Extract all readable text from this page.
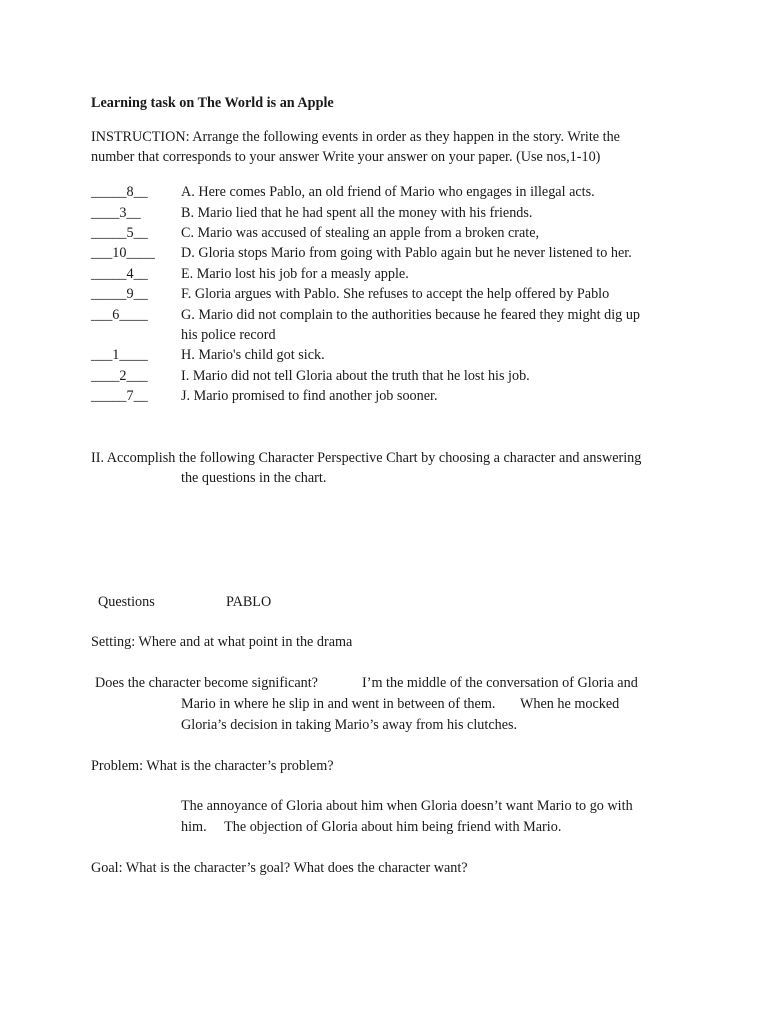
Learning task on The World is an Apple
INSTRUCTION: Arrange the following events in order as they happen in the story. Write the
number that corresponds to your answer Write your answer on your paper. (Use nos,1-10)
_____8__ A. Here comes Pablo, an old friend of Mario who engages in illegal acts.
____3__	B. Mario lied that he had spent all the money with his friends.
_____5__ C. Mario was accused of stealing an apple from a broken crate,
___10____ D. Gloria stops Mario from going with Pablo again but he never listened to her.
_____4__ E. Mario lost his job for a measly apple.
_____9__ F. Gloria argues with Pablo. She refuses to accept the help offered by Pablo
___6____ G. Mario did not complain to the authorities because he feared they might dig up
his police record
___1____ H. Mario's child got sick.
____2___ I. Mario did not tell Gloria about the truth that he lost his job.
_____7__ J. Mario promised to find another job sooner.
II. Accomplish the following Character Perspective Chart by choosing a character and answering
the questions in the chart.
Questions	PABLO
Setting: Where and at what point in the drama
Does the character become significant?	I’m the middle of the conversation of Gloria and
Mario in where he slip in and went in between of them.       When he mocked
Gloria’s decision in taking Mario’s away from his clutches.
Problem: What is the character’s problem?
The annoyance of Gloria about him when Gloria doesn’t want Mario to go with
him.     The objection of Gloria about him being friend with Mario.
Goal: What is the character’s goal? What does the character want?
